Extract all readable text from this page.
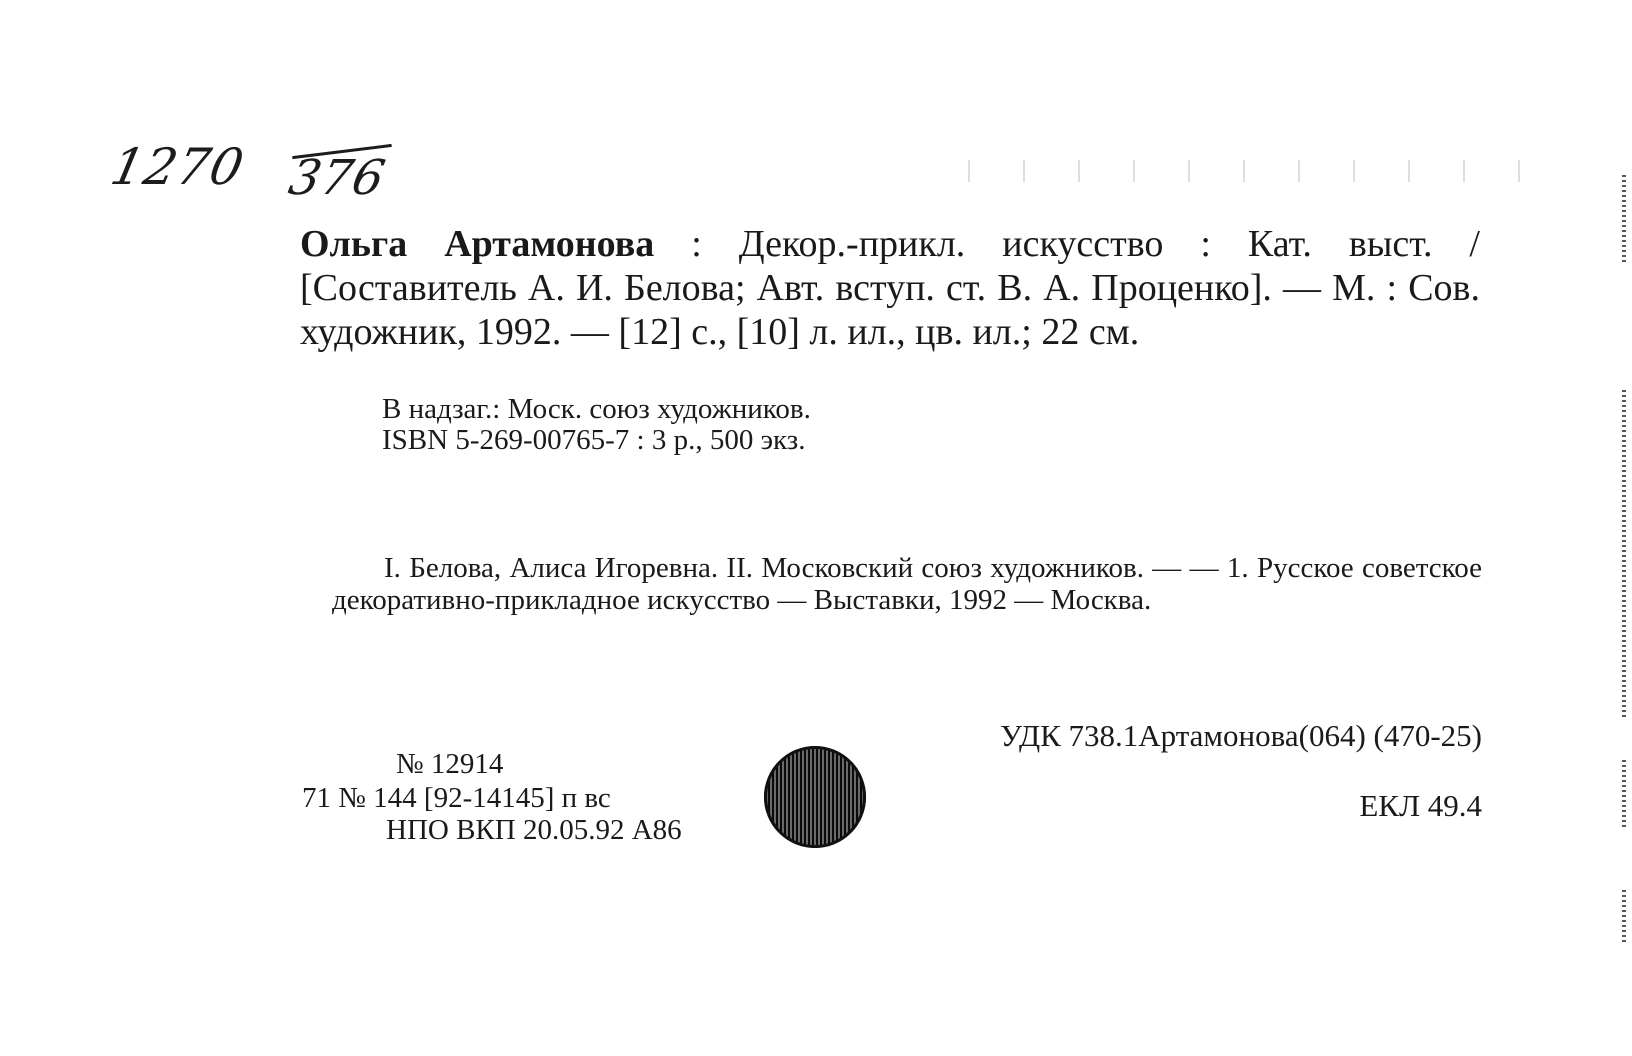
1270 376
Ольга Артамонова : Декор.-прикл. искусство : Кат. выст. / [Составитель А. И. Белова; Авт. вступ. ст. В. А. Проценко]. — М. : Сов. художник, 1992. — [12] с., [10] л. ил., цв. ил.; 22 см.
В надзаг.: Моск. союз художников.
ISBN 5-269-00765-7 : 3 р., 500 экз.
I. Белова, Алиса Игоревна. II. Московский союз художников. — — 1. Русское советское декоративно-прикладное искусство — Выставки, 1992 — Москва.
УДК 738.1Артамонова(064) (470-25)
ЕКЛ 49.4
№ 12914
71 № 144 [92-14145] п вс
НПО ВКП 20.05.92 А86
